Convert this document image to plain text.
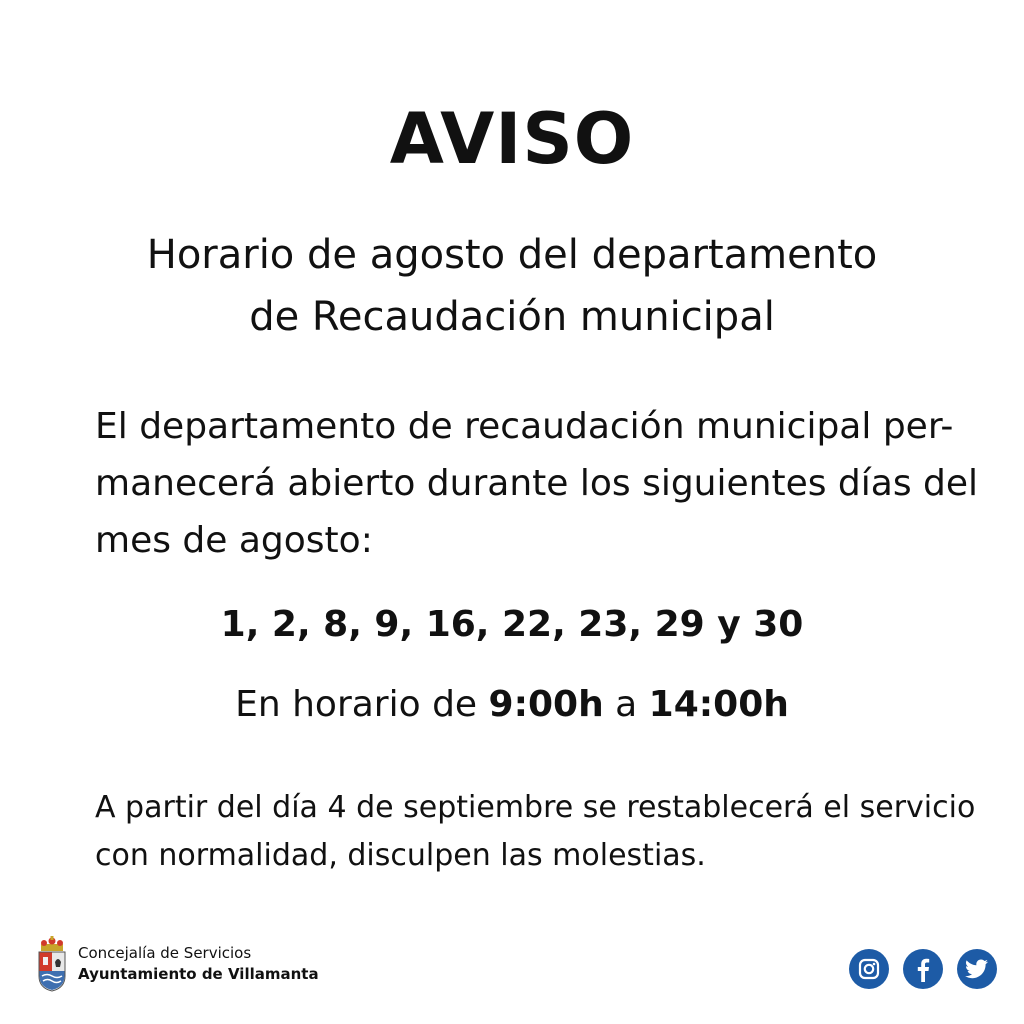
AVISO
Horario de agosto del departamento
de Recaudación municipal

El departamento de recaudación municipal per-
manecerá abierto durante los siguientes días del
mes de agosto:

1, 2, 8, 9, 16, 22, 23, 29 y 30

En horario de 9:00h a 14:00h

A partir del día 4 de septiembre se restablecerá el servicio
con normalidad, disculpen las molestias.

Concejalía de Servicios
Ayuntamiento de Villamanta
